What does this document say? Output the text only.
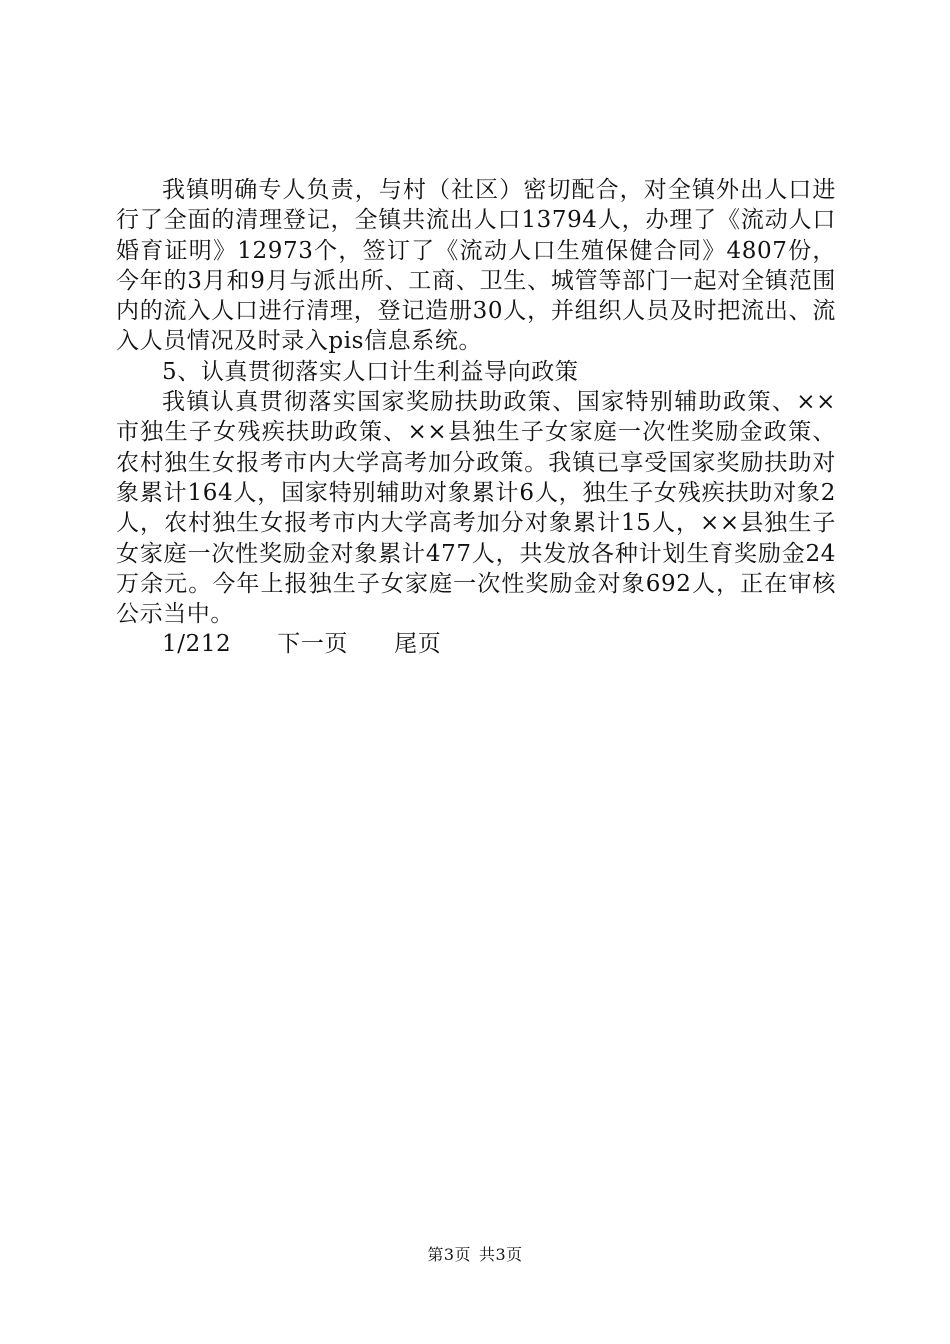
我镇明确专人负责，与村（社区）密切配合，对全镇外出人口进行了全面的清理登记，全镇共流出人口13794人，办理了《流动人口婚育证明》12973个，签订了《流动人口生殖保健合同》4807份，今年的3月和9月与派出所、工商、卫生、城管等部门一起对全镇范围内的流入人口进行清理，登记造册30人，并组织人员及时把流出、流入人员情况及时录入pis信息系统。

5、认真贯彻落实人口计生利益导向政策

我镇认真贯彻落实国家奖励扶助政策、国家特别辅助政策、××市独生子女残疾扶助政策、××县独生子女家庭一次性奖励金政策、农村独生女报考市内大学高考加分政策。我镇已享受国家奖励扶助对象累计164人，国家特别辅助对象累计6人，独生子女残疾扶助对象2人，农村独生女报考市内大学高考加分对象累计15人，××县独生子女家庭一次性奖励金对象累计477人，共发放各种计划生育奖励金24万余元。今年上报独生子女家庭一次性奖励金对象692人，正在审核公示当中。

1/212	下一页	尾页

第3页 共3页
